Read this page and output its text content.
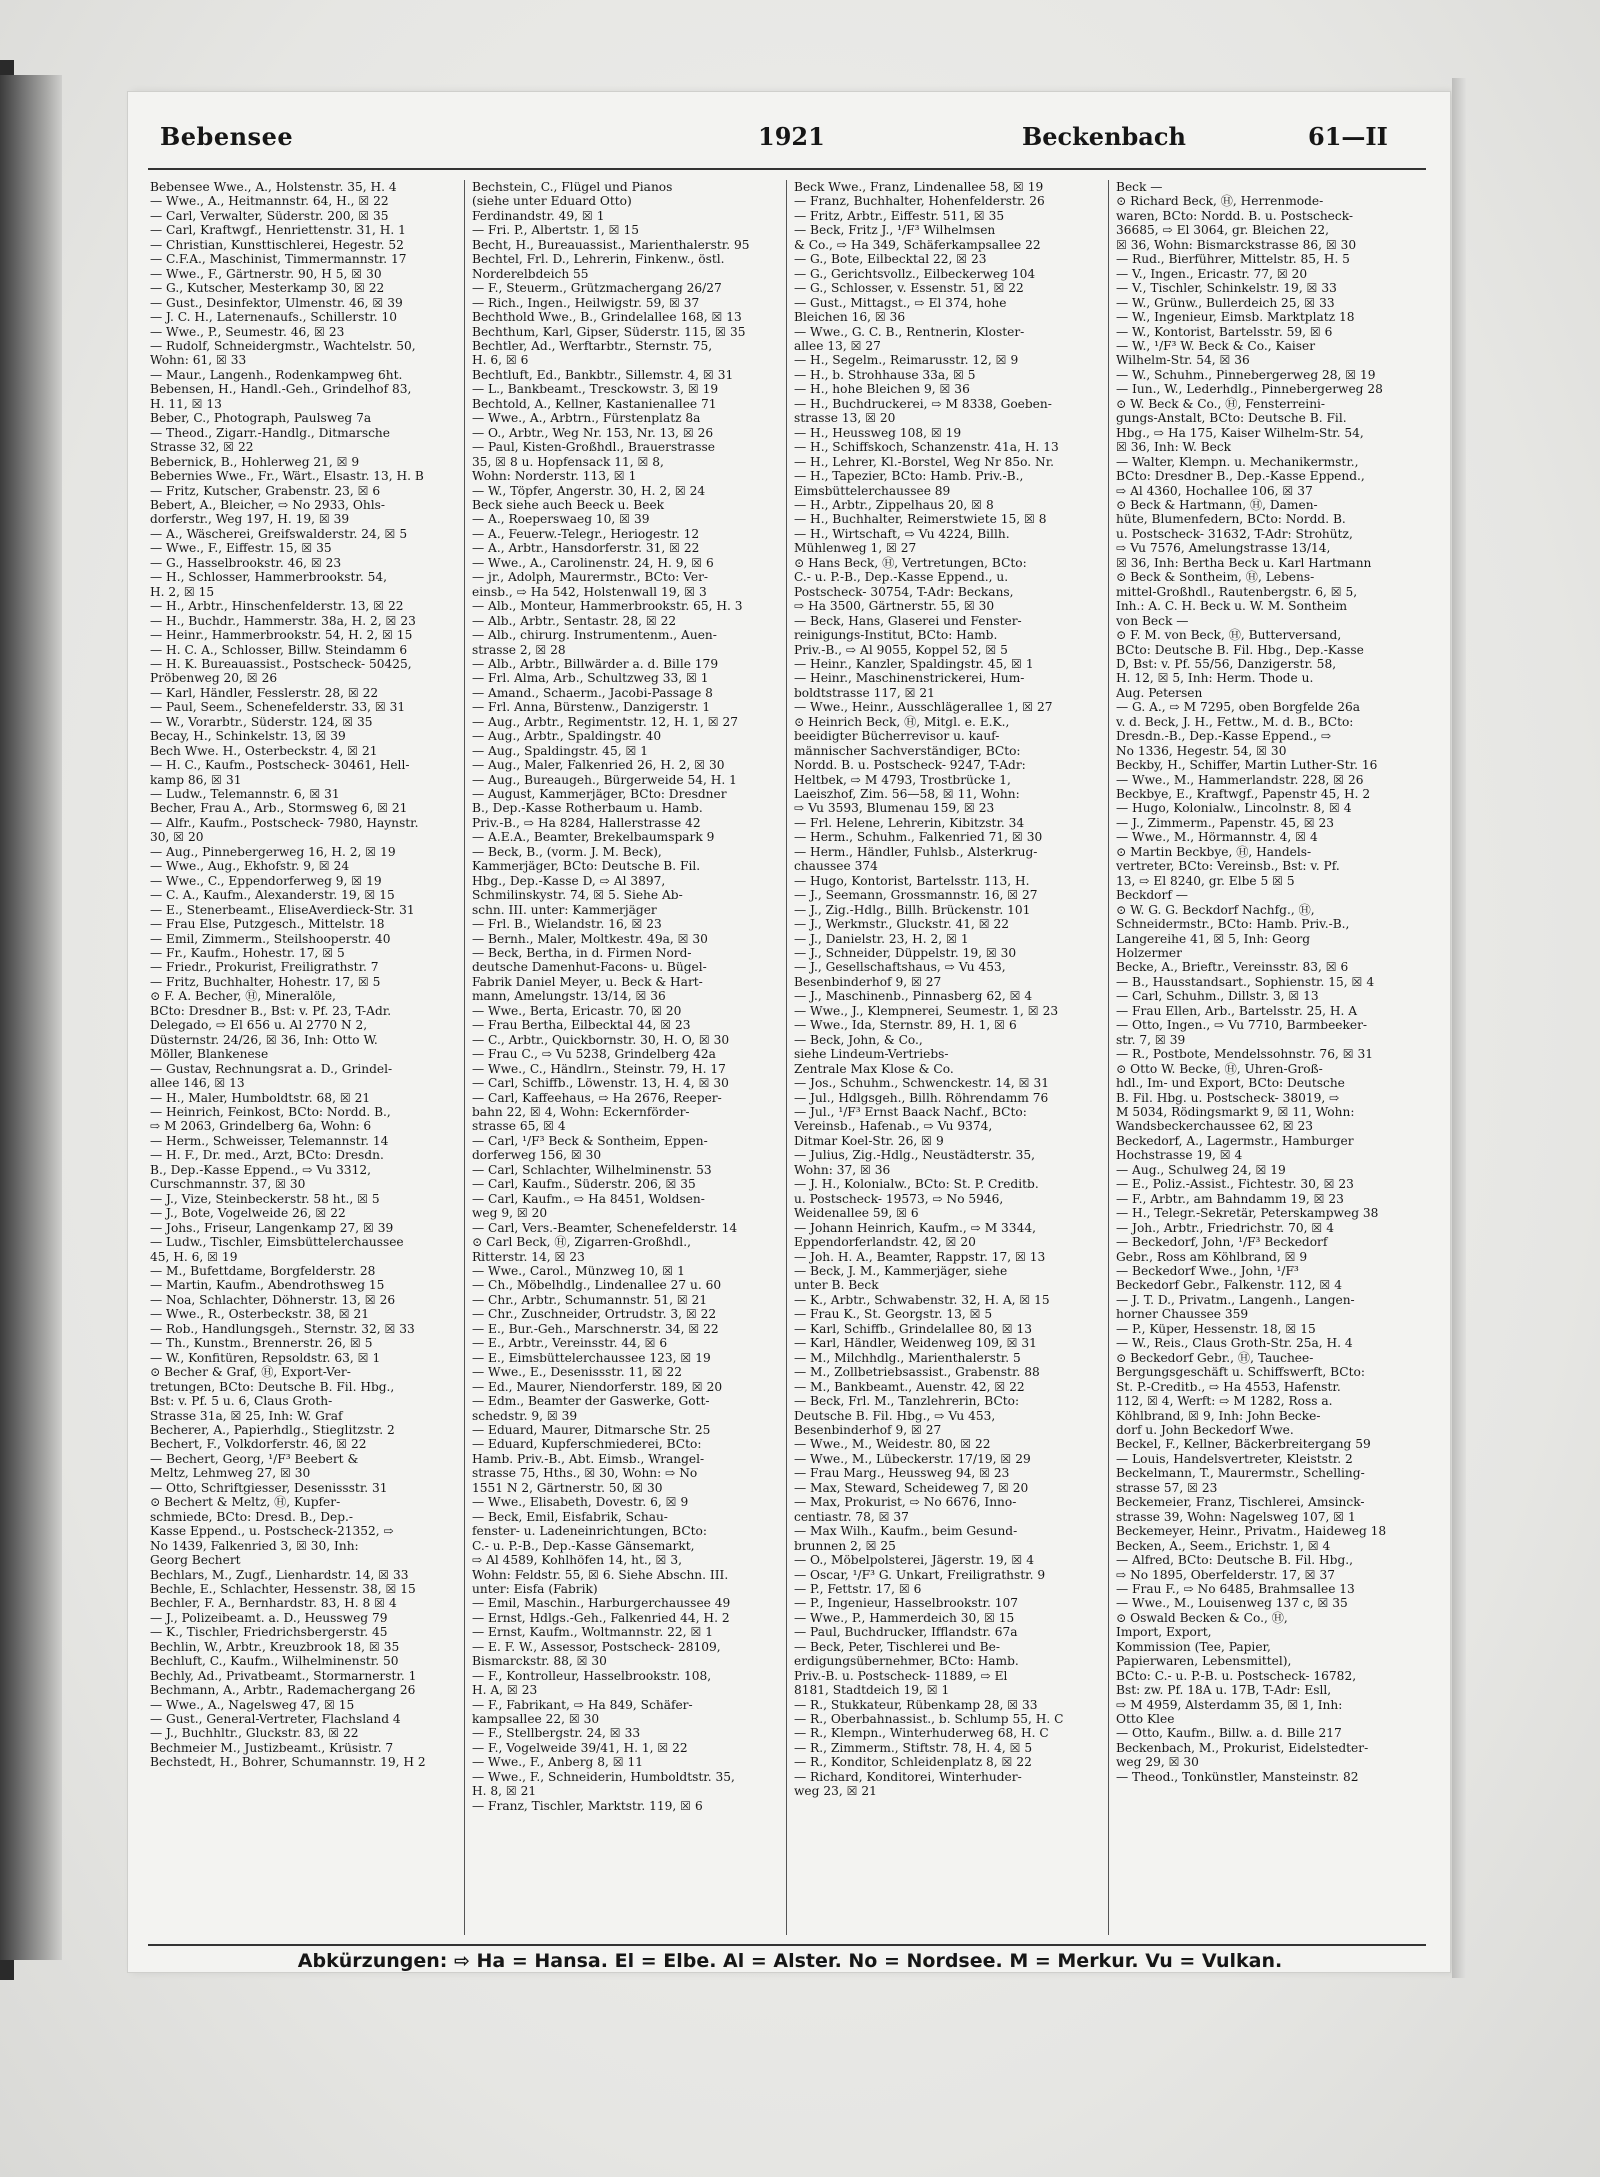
Bebensee	1921	Beckenbach	61—II
Bebensee Wwe., A., Holstenstr. 35, H. 4
— Wwe., A., Heitmannstr. 64, H., ☒ 22
— Carl, Verwalter, Süderstr. 200, ☒ 35
— Carl, Kraftwgf., Henriettenstr. 31, H. 1
— Christian, Kunsttischlerei, Hegestr. 52
— C.F.A., Maschinist, Timmermannstr. 17
— Wwe., F., Gärtnerstr. 90, H 5, ☒ 30
— G., Kutscher, Mesterkamp 30, ☒ 22
— Gust., Desinfektor, Ulmenstr. 46, ☒ 39
— J. C. H., Laternenaufs., Schillerstr. 10
— Wwe., P., Seumestr. 46, ☒ 23
— Rudolf, Schneidergmstr., Wachtelstr. 50,
Wohn: 61, ☒ 33
— Maur., Langenh., Rodenkampweg 6ht.
Bebensen, H., Handl.-Geh., Grindelhof 83,
H. 11, ☒ 13
Beber, C., Photograph, Paulsweg 7a
— Theod., Zigarr.-Handlg., Ditmarsche
Strasse 32, ☒ 22
Bebernick, B., Hohlerweg 21, ☒ 9
Bebernies Wwe., Fr., Wärt., Elsastr. 13, H. B
— Fritz, Kutscher, Grabenstr. 23, ☒ 6
Bebert, A., Bleicher, ⇨ No 2933, Ohls-
dorferstr., Weg 197, H. 19, ☒ 39
— A., Wäscherei, Greifswalderstr. 24, ☒ 5
— Wwe., F., Eiffestr. 15, ☒ 35
— G., Hasselbrookstr. 46, ☒ 23
— H., Schlosser, Hammerbrookstr. 54,
H. 2, ☒ 15
— H., Arbtr., Hinschenfelderstr. 13, ☒ 22
— H., Buchdr., Hammerstr. 38a, H. 2, ☒ 23
— Heinr., Hammerbrookstr. 54, H. 2, ☒ 15
— H. C. A., Schlosser, Billw. Steindamm 6
— H. K. Bureauassist., Postscheck- 50425,
Pröbenweg 20, ☒ 26
— Karl, Händler, Fesslerstr. 28, ☒ 22
— Paul, Seem., Schenefelderstr. 33, ☒ 31
— W., Vorarbtr., Süderstr. 124, ☒ 35
Becay, H., Schinkelstr. 13, ☒ 39
Bech Wwe. H., Osterbeckstr. 4, ☒ 21
— H. C., Kaufm., Postscheck- 30461, Hell-
kamp 86, ☒ 31
— Ludw., Telemannstr. 6, ☒ 31
Becher, Frau A., Arb., Stormsweg 6, ☒ 21
— Alfr., Kaufm., Postscheck- 7980, Haynstr.
30, ☒ 20
— Aug., Pinnebergerweg 16, H. 2, ☒ 19
— Wwe., Aug., Ekhofstr. 9, ☒ 24
— Wwe., C., Eppendorferweg 9, ☒ 19
— C. A., Kaufm., Alexanderstr. 19, ☒ 15
— E., Stenerbeamt., EliseAverdieck-Str. 31
— Frau Else, Putzgesch., Mittelstr. 18
— Emil, Zimmerm., Steilshooperstr. 40
— Fr., Kaufm., Hohestr. 17, ☒ 5
— Friedr., Prokurist, Freiligrathstr. 7
— Fritz, Buchhalter, Hohestr. 17, ☒ 5
⊙ F. A. Becher, Ⓗ, Mineralöle,
BCto: Dresdner B., Bst: v. Pf. 23, T-Adr.
Delegado, ⇨ El 656 u. Al 2770 N 2,
Düsternstr. 24/26, ☒ 36, Inh: Otto W.
Möller, Blankenese
— Gustav, Rechnungsrat a. D., Grindel-
allee 146, ☒ 13
— H., Maler, Humboldtstr. 68, ☒ 21
— Heinrich, Feinkost, BCto: Nordd. B.,
⇨ M 2063, Grindelberg 6a, Wohn: 6
— Herm., Schweisser, Telemannstr. 14
— H. F., Dr. med., Arzt, BCto: Dresdn.
B., Dep.-Kasse Eppend., ⇨ Vu 3312,
Curschmannstr. 37, ☒ 30
— J., Vize, Steinbeckerstr. 58 ht., ☒ 5
— J., Bote, Vogelweide 26, ☒ 22
— Johs., Friseur, Langenkamp 27, ☒ 39
— Ludw., Tischler, Eimsbüttelerchaussee
45, H. 6, ☒ 19
— M., Bufettdame, Borgfelderstr. 28
— Martin, Kaufm., Abendrothsweg 15
— Noa, Schlachter, Döhnerstr. 13, ☒ 26
— Wwe., R., Osterbeckstr. 38, ☒ 21
— Rob., Handlungsgeh., Sternstr. 32, ☒ 33
— Th., Kunstm., Brennerstr. 26, ☒ 5
— W., Konfitüren, Repsoldstr. 63, ☒ 1
⊙ Becher & Graf, Ⓗ, Export-Ver-
tretungen, BCto: Deutsche B. Fil. Hbg.,
Bst: v. Pf. 5 u. 6, Claus Groth-
Strasse 31a, ☒ 25, Inh: W. Graf
Becherer, A., Papierhdlg., Stieglitzstr. 2
Bechert, F., Volkdorferstr. 46, ☒ 22
— Bechert, Georg, ¹/F³ Beebert &
Meltz, Lehmweg 27, ☒ 30
— Otto, Schriftgiesser, Desenissstr. 31
⊙ Bechert & Meltz, Ⓗ, Kupfer-
schmiede, BCto: Dresd. B., Dep.-
Kasse Eppend., u. Postscheck-21352, ⇨
No 1439, Falkenried 3, ☒ 30, Inh:
Georg Bechert
Bechlars, M., Zugf., Lienhardstr. 14, ☒ 33
Bechle, E., Schlachter, Hessenstr. 38, ☒ 15
Bechler, F. A., Bernhardstr. 83, H. 8 ☒ 4
— J., Polizeibeamt. a. D., Heussweg 79
— K., Tischler, Friedrichsbergerstr. 45
Bechlin, W., Arbtr., Kreuzbrook 18, ☒ 35
Bechluft, C., Kaufm., Wilhelminenstr. 50
Bechly, Ad., Privatbeamt., Stormarnerstr. 1
Bechmann, A., Arbtr., Rademachergang 26
— Wwe., A., Nagelsweg 47, ☒ 15
— Gust., General-Vertreter, Flachsland 4
— J., Buchhltr., Gluckstr. 83, ☒ 22
Bechmeier M., Justizbeamt., Krüsistr. 7
Bechstedt, H., Bohrer, Schumannstr. 19, H 2
Bechstein, C., Flügel und Pianos
(siehe unter Eduard Otto)
Ferdinandstr. 49, ☒ 1
— Fri. P., Albertstr. 1, ☒ 15
Becht, H., Bureauassist., Marienthalerstr. 95
Bechtel, Frl. D., Lehrerin, Finkenw., östl.
Norderelbdeich 55
— F., Steuerm., Grützmachergang 26/27
— Rich., Ingen., Heilwigstr. 59, ☒ 37
Bechthold Wwe., B., Grindelallee 168, ☒ 13
Bechthum, Karl, Gipser, Süderstr. 115, ☒ 35
Bechtler, Ad., Werftarbtr., Sternstr. 75,
H. 6, ☒ 6
Bechtluft, Ed., Bankbtr., Sillemstr. 4, ☒ 31
— L., Bankbeamt., Tresckowstr. 3, ☒ 19
Bechtold, A., Kellner, Kastanienallee 71
— Wwe., A., Arbtrn., Fürstenplatz 8a
— O., Arbtr., Weg Nr. 153, Nr. 13, ☒ 26
— Paul, Kisten-Großhdl., Brauerstrasse
35, ☒ 8 u. Hopfensack 11, ☒ 8,
Wohn: Norderstr. 113, ☒ 1
— W., Töpfer, Angerstr. 30, H. 2, ☒ 24
Beck siehe auch Beeck u. Beek
— A., Roeperswaeg 10, ☒ 39
— A., Feuerw.-Telegr., Heriogestr. 12
— A., Arbtr., Hansdorferstr. 31, ☒ 22
— Wwe., A., Carolinenstr. 24, H. 9, ☒ 6
— jr., Adolph, Maurermstr., BCto: Ver-
einsb., ⇨ Ha 542, Holstenwall 19, ☒ 3
— Alb., Monteur, Hammerbrookstr. 65, H. 3
— Alb., Arbtr., Sentastr. 28, ☒ 22
— Alb., chirurg. Instrumentenm., Auen-
strasse 2, ☒ 28
— Alb., Arbtr., Billwärder a. d. Bille 179
— Frl. Alma, Arb., Schultzweg 33, ☒ 1
— Amand., Schaerm., Jacobi-Passage 8
— Frl. Anna, Bürstenw., Danzigerstr. 1
— Aug., Arbtr., Regimentstr. 12, H. 1, ☒ 27
— Aug., Arbtr., Spaldingstr. 40
— Aug., Spaldingstr. 45, ☒ 1
— Aug., Maler, Falkenried 26, H. 2, ☒ 30
— Aug., Bureaugeh., Bürgerweide 54, H. 1
— August, Kammerjäger, BCto: Dresdner
B., Dep.-Kasse Rotherbaum u. Hamb.
Priv.-B., ⇨ Ha 8284, Hallerstrasse 42
— A.E.A., Beamter, Brekelbaumspark 9
— Beck, B., (vorm. J. M. Beck),
Kammerjäger, BCto: Deutsche B. Fil.
Hbg., Dep.-Kasse D, ⇨ Al 3897,
Schmilinskystr. 74, ☒ 5. Siehe Ab-
schn. III. unter: Kammerjäger
— Frl. B., Wielandstr. 16, ☒ 23
— Bernh., Maler, Moltkestr. 49a, ☒ 30
— Beck, Bertha, in d. Firmen Nord-
deutsche Damenhut-Facons- u. Bügel-
Fabrik Daniel Meyer, u. Beck & Hart-
mann, Amelungstr. 13/14, ☒ 36
— Wwe., Berta, Ericastr. 70, ☒ 20
— Frau Bertha, Eilbecktal 44, ☒ 23
— C., Arbtr., Quickbornstr. 30, H. O, ☒ 30
— Frau C., ⇨ Vu 5238, Grindelberg 42a
— Wwe., C., Händlrn., Steinstr. 79, H. 17
— Carl, Schiffb., Löwenstr. 13, H. 4, ☒ 30
— Carl, Kaffeehaus, ⇨ Ha 2676, Reeper-
bahn 22, ☒ 4, Wohn: Eckernförder-
strasse 65, ☒ 4
— Carl, ¹/F³ Beck & Sontheim, Eppen-
dorferweg 156, ☒ 30
— Carl, Schlachter, Wilhelminenstr. 53
— Carl, Kaufm., Süderstr. 206, ☒ 35
— Carl, Kaufm., ⇨ Ha 8451, Woldsen-
weg 9, ☒ 20
— Carl, Vers.-Beamter, Schenefelderstr. 14
⊙ Carl Beck, Ⓗ, Zigarren-Großhdl.,
Ritterstr. 14, ☒ 23
— Wwe., Carol., Münzweg 10, ☒ 1
— Ch., Möbelhdlg., Lindenallee 27 u. 60
— Chr., Arbtr., Schumannstr. 51, ☒ 21
— Chr., Zuschneider, Ortrudstr. 3, ☒ 22
— E., Bur.-Geh., Marschnerstr. 34, ☒ 22
— E., Arbtr., Vereinsstr. 44, ☒ 6
— E., Eimsbüttelerchaussee 123, ☒ 19
— Wwe., E., Desenissstr. 11, ☒ 22
— Ed., Maurer, Niendorferstr. 189, ☒ 20
— Edm., Beamter der Gaswerke, Gott-
schedstr. 9, ☒ 39
— Eduard, Maurer, Ditmarsche Str. 25
— Eduard, Kupferschmiederei, BCto:
Hamb. Priv.-B., Abt. Eimsb., Wrangel-
strasse 75, Hths., ☒ 30, Wohn: ⇨ No
1551 N 2, Gärtnerstr. 50, ☒ 30
— Wwe., Elisabeth, Dovestr. 6, ☒ 9
— Beck, Emil, Eisfabrik, Schau-
fenster- u. Ladeneinrichtungen, BCto:
C.- u. P.-B., Dep.-Kasse Gänsemarkt,
⇨ Al 4589, Kohlhöfen 14, ht., ☒ 3,
Wohn: Feldstr. 55, ☒ 6. Siehe Abschn. III.
unter: Eisfa (Fabrik)
— Emil, Maschin., Harburgerchaussee 49
— Ernst, Hdlgs.-Geh., Falkenried 44, H. 2
— Ernst, Kaufm., Woltmannstr. 22, ☒ 1
— E. F. W., Assessor, Postscheck- 28109,
Bismarckstr. 88, ☒ 30
— F., Kontrolleur, Hasselbrookstr. 108,
H. A, ☒ 23
— F., Fabrikant, ⇨ Ha 849, Schäfer-
kampsallee 22, ☒ 30
— F., Stellbergstr. 24, ☒ 33
— F., Vogelweide 39/41, H. 1, ☒ 22
— Wwe., F., Anberg 8, ☒ 11
— Wwe., F., Schneiderin, Humboldtstr. 35,
H. 8, ☒ 21
— Franz, Tischler, Marktstr. 119, ☒ 6
Beck Wwe., Franz, Lindenallee 58, ☒ 19
— Franz, Buchhalter, Hohenfelderstr. 26
— Fritz, Arbtr., Eiffestr. 511, ☒ 35
— Beck, Fritz J., ¹/F³ Wilhelmsen
& Co., ⇨ Ha 349, Schäferkampsallee 22
— G., Bote, Eilbecktal 22, ☒ 23
— G., Gerichtsvollz., Eilbeckerweg 104
— G., Schlosser, v. Essenstr. 51, ☒ 22
— Gust., Mittagst., ⇨ El 374, hohe
Bleichen 16, ☒ 36
— Wwe., G. C. B., Rentnerin, Kloster-
allee 13, ☒ 27
— H., Segelm., Reimarusstr. 12, ☒ 9
— H., b. Strohhause 33a, ☒ 5
— H., hohe Bleichen 9, ☒ 36
— H., Buchdruckerei, ⇨ M 8338, Goeben-
strasse 13, ☒ 20
— H., Heussweg 108, ☒ 19
— H., Schiffskoch, Schanzenstr. 41a, H. 13
— H., Lehrer, Kl.-Borstel, Weg Nr 85o. Nr.
— H., Tapezier, BCto: Hamb. Priv.-B.,
Eimsbüttelerchaussee 89
— H., Arbtr., Zippelhaus 20, ☒ 8
— H., Buchhalter, Reimerstwiete 15, ☒ 8
— H., Wirtschaft, ⇨ Vu 4224, Billh.
Mühlenweg 1, ☒ 27
⊙ Hans Beck, Ⓗ, Vertretungen, BCto:
C.- u. P.-B., Dep.-Kasse Eppend., u.
Postscheck- 30754, T-Adr: Beckans,
⇨ Ha 3500, Gärtnerstr. 55, ☒ 30
— Beck, Hans, Glaserei und Fenster-
reinigungs-Institut, BCto: Hamb.
Priv.-B., ⇨ Al 9055, Koppel 52, ☒ 5
— Heinr., Kanzler, Spaldingstr. 45, ☒ 1
— Heinr., Maschinenstrickerei, Hum-
boldtstrasse 117, ☒ 21
— Wwe., Heinr., Ausschlägerallee 1, ☒ 27
⊙ Heinrich Beck, Ⓗ, Mitgl. e. E.K.,
beeidigter Bücherrevisor u. kauf-
männischer Sachverständiger, BCto:
Nordd. B. u. Postscheck- 9247, T-Adr:
Heltbek, ⇨ M 4793, Trostbrücke 1,
Laeiszhof, Zim. 56—58, ☒ 11, Wohn:
⇨ Vu 3593, Blumenau 159, ☒ 23
— Frl. Helene, Lehrerin, Kibitzstr. 34
— Herm., Schuhm., Falkenried 71, ☒ 30
— Herm., Händler, Fuhlsb., Alsterkrug-
chaussee 374
— Hugo, Kontorist, Bartelsstr. 113, H.
— J., Seemann, Grossmannstr. 16, ☒ 27
— J., Zig.-Hdlg., Billh. Brückenstr. 101
— J., Werkmstr., Gluckstr. 41, ☒ 22
— J., Danielstr. 23, H. 2, ☒ 1
— J., Schneider, Düppelstr. 19, ☒ 30
— J., Gesellschaftshaus, ⇨ Vu 453,
Besenbinderhof 9, ☒ 27
— J., Maschinenb., Pinnasberg 62, ☒ 4
— Wwe., J., Klempnerei, Seumestr. 1, ☒ 23
— Wwe., Ida, Sternstr. 89, H. 1, ☒ 6
— Beck, John, & Co.,
siehe Lindeum-Vertriebs-
Zentrale Max Klose & Co.
— Jos., Schuhm., Schwenckestr. 14, ☒ 31
— Jul., Hdlgsgeh., Billh. Röhrendamm 76
— Jul., ¹/F³ Ernst Baack Nachf., BCto:
Vereinsb., Hafenab., ⇨ Vu 9374,
Ditmar Koel-Str. 26, ☒ 9
— Julius, Zig.-Hdlg., Neustädterstr. 35,
Wohn: 37, ☒ 36
— J. H., Kolonialw., BCto: St. P. Creditb.
u. Postscheck- 19573, ⇨ No 5946,
Weidenallee 59, ☒ 6
— Johann Heinrich, Kaufm., ⇨ M 3344,
Eppendorferlandstr. 42, ☒ 20
— Joh. H. A., Beamter, Rappstr. 17, ☒ 13
— Beck, J. M., Kammerjäger, siehe
unter B. Beck
— K., Arbtr., Schwabenstr. 32, H. A, ☒ 15
— Frau K., St. Georgstr. 13, ☒ 5
— Karl, Schiffb., Grindelallee 80, ☒ 13
— Karl, Händler, Weidenweg 109, ☒ 31
— M., Milchhdlg., Marienthalerstr. 5
— M., Zollbetriebsassist., Grabenstr. 88
— M., Bankbeamt., Auenstr. 42, ☒ 22
— Beck, Frl. M., Tanzlehrerin, BCto:
Deutsche B. Fil. Hbg., ⇨ Vu 453,
Besenbinderhof 9, ☒ 27
— Wwe., M., Weidestr. 80, ☒ 22
— Wwe., M., Lübeckerstr. 17/19, ☒ 29
— Frau Marg., Heussweg 94, ☒ 23
— Max, Steward, Scheideweg 7, ☒ 20
— Max, Prokurist, ⇨ No 6676, Inno-
centiastr. 78, ☒ 37
— Max Wilh., Kaufm., beim Gesund-
brunnen 2, ☒ 25
— O., Möbelpolsterei, Jägerstr. 19, ☒ 4
— Oscar, ¹/F³ G. Unkart, Freiligrathstr. 9
— P., Fettstr. 17, ☒ 6
— P., Ingenieur, Hasselbrookstr. 107
— Wwe., P., Hammerdeich 30, ☒ 15
— Paul, Buchdrucker, Ifflandstr. 67a
— Beck, Peter, Tischlerei und Be-
erdigungsübernehmer, BCto: Hamb.
Priv.-B. u. Postscheck- 11889, ⇨ El
8181, Stadtdeich 19, ☒ 1
— R., Stukkateur, Rübenkamp 28, ☒ 33
— R., Oberbahnassist., b. Schlump 55, H. C
— R., Klempn., Winterhuderweg 68, H. C
— R., Zimmerm., Stiftstr. 78, H. 4, ☒ 5
— R., Konditor, Schleidenplatz 8, ☒ 22
— Richard, Konditorei, Winterhuder-
weg 23, ☒ 21
Beck —
⊙ Richard Beck, Ⓗ, Herrenmode-
waren, BCto: Nordd. B. u. Postscheck-
36685, ⇨ El 3064, gr. Bleichen 22,
☒ 36, Wohn: Bismarckstrasse 86, ☒ 30
— Rud., Bierführer, Mittelstr. 85, H. 5
— V., Ingen., Ericastr. 77, ☒ 20
— V., Tischler, Schinkelstr. 19, ☒ 33
— W., Grünw., Bullerdeich 25, ☒ 33
— W., Ingenieur, Eimsb. Marktplatz 18
— W., Kontorist, Bartelsstr. 59, ☒ 6
— W., ¹/F³ W. Beck & Co., Kaiser
Wilhelm-Str. 54, ☒ 36
— W., Schuhm., Pinnebergerweg 28, ☒ 19
— Iun., W., Lederhdlg., Pinnebergerweg 28
⊙ W. Beck & Co., Ⓗ, Fensterreini-
gungs-Anstalt, BCto: Deutsche B. Fil.
Hbg., ⇨ Ha 175, Kaiser Wilhelm-Str. 54,
☒ 36, Inh: W. Beck
— Walter, Klempn. u. Mechanikermstr.,
BCto: Dresdner B., Dep.-Kasse Eppend.,
⇨ Al 4360, Hochallee 106, ☒ 37
⊙ Beck & Hartmann, Ⓗ, Damen-
hüte, Blumenfedern, BCto: Nordd. B.
u. Postscheck- 31632, T-Adr: Strohütz,
⇨ Vu 7576, Amelungstrasse 13/14,
☒ 36, Inh: Bertha Beck u. Karl Hartmann
⊙ Beck & Sontheim, Ⓗ, Lebens-
mittel-Großhdl., Rautenbergstr. 6, ☒ 5,
Inh.: A. C. H. Beck u. W. M. Sontheim
von Beck —
⊙ F. M. von Beck, Ⓗ, Butterversand,
BCto: Deutsche B. Fil. Hbg., Dep.-Kasse
D, Bst: v. Pf. 55/56, Danzigerstr. 58,
H. 12, ☒ 5, Inh: Herm. Thode u.
Aug. Petersen
— G. A., ⇨ M 7295, oben Borgfelde 26a
v. d. Beck, J. H., Fettw., M. d. B., BCto:
Dresdn.-B., Dep.-Kasse Eppend., ⇨
No 1336, Hegestr. 54, ☒ 30
Beckby, H., Schiffer, Martin Luther-Str. 16
— Wwe., M., Hammerlandstr. 228, ☒ 26
Beckbye, E., Kraftwgf., Papenstr 45, H. 2
— Hugo, Kolonialw., Lincolnstr. 8, ☒ 4
— J., Zimmerm., Papenstr. 45, ☒ 23
— Wwe., M., Hörmannstr. 4, ☒ 4
⊙ Martin Beckbye, Ⓗ, Handels-
vertreter, BCto: Vereinsb., Bst: v. Pf.
13, ⇨ El 8240, gr. Elbe 5 ☒ 5
Beckdorf —
⊙ W. G. G. Beckdorf Nachfg., Ⓗ,
Schneidermstr., BCto: Hamb. Priv.-B.,
Langereihe 41, ☒ 5, Inh: Georg
Holzermer
Becke, A., Brieftr., Vereinsstr. 83, ☒ 6
— B., Hausstandsart., Sophienstr. 15, ☒ 4
— Carl, Schuhm., Dillstr. 3, ☒ 13
— Frau Ellen, Arb., Bartelsstr. 25, H. A
— Otto, Ingen., ⇨ Vu 7710, Barmbeeker-
str. 7, ☒ 39
— R., Postbote, Mendelssohnstr. 76, ☒ 31
⊙ Otto W. Becke, Ⓗ, Uhren-Groß-
hdl., Im- und Export, BCto: Deutsche
B. Fil. Hbg. u. Postscheck- 38019, ⇨
M 5034, Rödingsmarkt 9, ☒ 11, Wohn:
Wandsbeckerchaussee 62, ☒ 23
Beckedorf, A., Lagermstr., Hamburger
Hochstrasse 19, ☒ 4
— Aug., Schulweg 24, ☒ 19
— E., Poliz.-Assist., Fichtestr. 30, ☒ 23
— F., Arbtr., am Bahndamm 19, ☒ 23
— H., Telegr.-Sekretär, Peterskampweg 38
— Joh., Arbtr., Friedrichstr. 70, ☒ 4
— Beckedorf, John, ¹/F³ Beckedorf
Gebr., Ross am Köhlbrand, ☒ 9
— Beckedorf Wwe., John, ¹/F³
Beckedorf Gebr., Falkenstr. 112, ☒ 4
— J. T. D., Privatm., Langenh., Langen-
horner Chaussee 359
— P., Küper, Hessenstr. 18, ☒ 15
— W., Reis., Claus Groth-Str. 25a, H. 4
⊙ Beckedorf Gebr., Ⓗ, Tauchee-
Bergungsgeschäft u. Schiffswerft, BCto:
St. P.-Creditb., ⇨ Ha 4553, Hafenstr.
112, ☒ 4, Werft: ⇨ M 1282, Ross a.
Köhlbrand, ☒ 9, Inh: John Becke-
dorf u. John Beckedorf Wwe.
Beckel, F., Kellner, Bäckerbreitergang 59
— Louis, Handelsvertreter, Kleiststr. 2
Beckelmann, T., Maurermstr., Schelling-
strasse 57, ☒ 23
Beckemeier, Franz, Tischlerei, Amsinck-
strasse 39, Wohn: Nagelsweg 107, ☒ 1
Beckemeyer, Heinr., Privatm., Haideweg 18
Becken, A., Seem., Erichstr. 1, ☒ 4
— Alfred, BCto: Deutsche B. Fil. Hbg.,
⇨ No 1895, Oberfelderstr. 17, ☒ 37
— Frau F., ⇨ No 6485, Brahmsallee 13
— Wwe., M., Louisenweg 137 c, ☒ 35
⊙ Oswald Becken & Co., Ⓗ,
Import, Export,
Kommission (Tee, Papier,
Papierwaren, Lebensmittel),
BCto: C.- u. P.-B. u. Postscheck- 16782,
Bst: zw. Pf. 18A u. 17B, T-Adr: Esll,
⇨ M 4959, Alsterdamm 35, ☒ 1, Inh:
Otto Klee
— Otto, Kaufm., Billw. a. d. Bille 217
Beckenbach, M., Prokurist, Eidelstedter-
weg 29, ☒ 30
— Theod., Tonkünstler, Mansteinstr. 82
Abkürzungen: ⇨ Ha = Hansa. El = Elbe. Al = Alster. No = Nordsee. M = Merkur. Vu = Vulkan.
